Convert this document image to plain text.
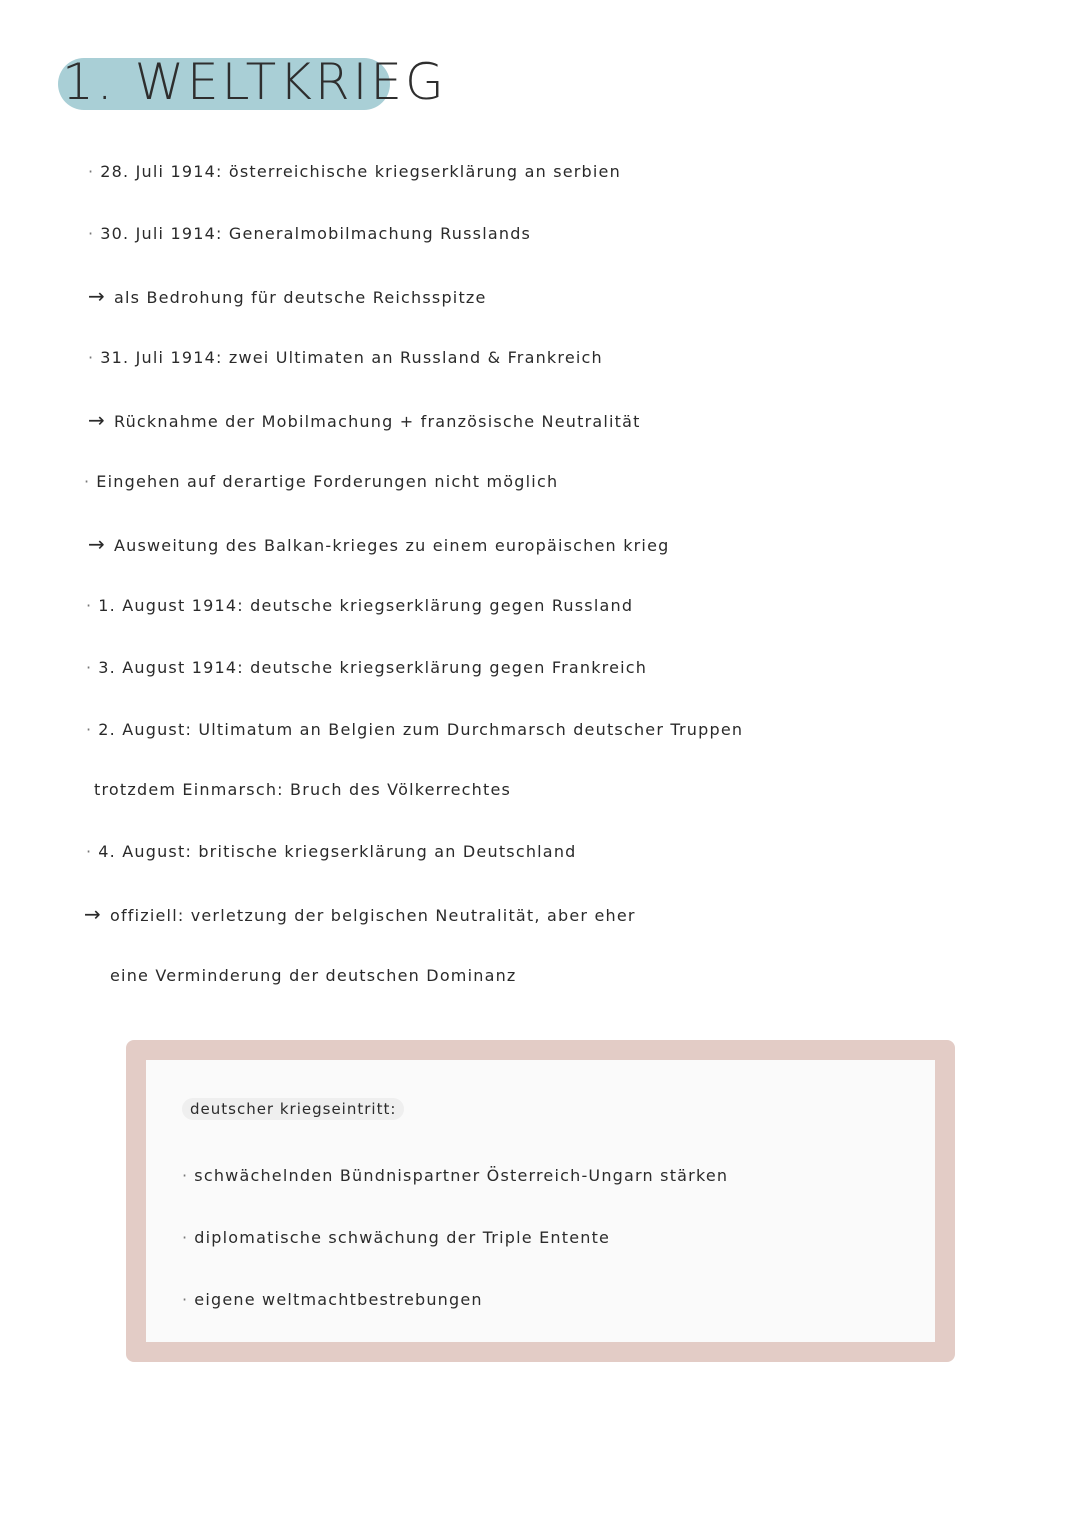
1. WELTKRIEG
· 28. Juli 1914: österreichische kriegserklärung an serbien
· 30. Juli 1914: Generalmobilmachung Russlands
→ als Bedrohung für deutsche Reichsspitze
· 31. Juli 1914: zwei Ultimaten an Russland & Frankreich
→ Rücknahme der Mobilmachung + französische Neutralität
· Eingehen auf derartige Forderungen nicht möglich
→ Ausweitung des Balkan-krieges zu einem europäischen krieg
· 1. August 1914: deutsche kriegserklärung gegen Russland
· 3. August 1914: deutsche kriegserklärung gegen Frankreich
· 2. August: Ultimatum an Belgien zum Durchmarsch deutscher Truppen
trotzdem Einmarsch: Bruch des Völkerrechtes
· 4. August: britische kriegserklärung an Deutschland
→ offiziell: verletzung der belgischen Neutralität, aber eher
eine Verminderung der deutschen Dominanz
deutscher kriegseintritt:
· schwächelnden Bündnispartner Österreich-Ungarn stärken
· diplomatische schwächung der Triple Entente
· eigene weltmachtbestrebungen
